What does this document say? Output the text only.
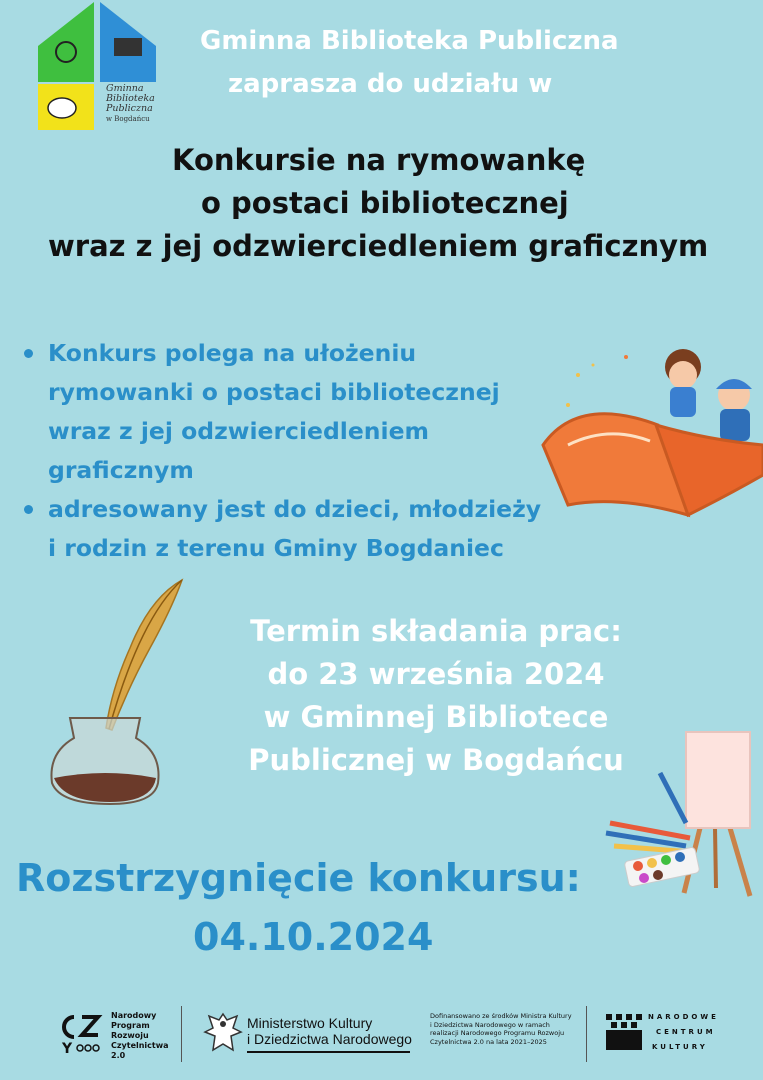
Gminna
Biblioteka
Publiczna
w Bogdańcu
Gminna Biblioteka Publiczna
zaprasza do udziału w
Konkursie na rymowankę
o postaci bibliotecznej
wraz z jej odzwierciedleniem graficznym
Konkurs polega na ułożeniu
rymowanki o postaci bibliotecznej
wraz z jej odzwierciedleniem
graficznym
adresowany jest do dzieci, młodzieży
i rodzin z terenu Gminy Bogdaniec
Termin składania prac:
do 23 września 2024
w Gminnej Bibliotece
Publicznej w Bogdańcu
Rozstrzygnięcie konkursu:
04.10.2024
Y
Narodowy
Program
Rozwoju
Czytelnictwa
2.0
Ministerstwo Kultury
i Dziedzictwa Narodowego
Dofinansowano ze środków Ministra Kultury
i Dziedzictwa Narodowego w ramach
realizacji Narodowego Programu Rozwoju
Czytelnictwa 2.0 na lata 2021–2025
NARODOWE
CENTRUM
KULTURY
